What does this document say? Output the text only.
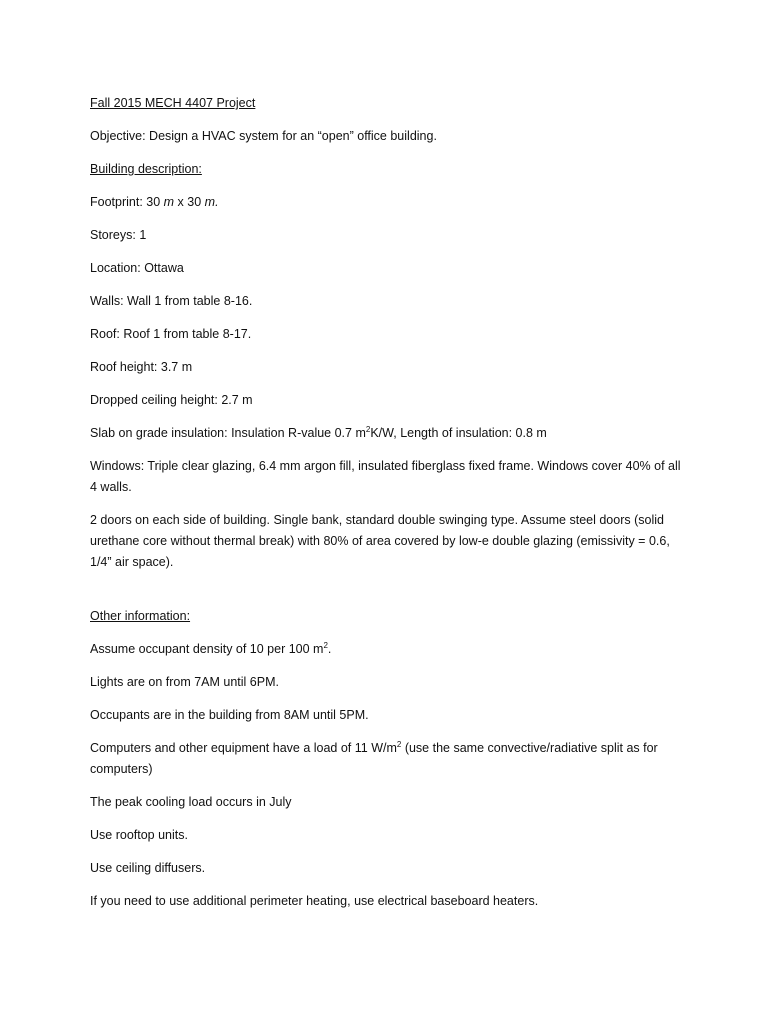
Fall 2015 MECH 4407 Project

Objective: Design a HVAC system for an “open” office building.

Building description:

Footprint: 30 m x 30 m.

Storeys: 1

Location: Ottawa

Walls: Wall 1 from table 8-16.

Roof: Roof 1 from table 8-17.

Roof height: 3.7 m

Dropped ceiling height: 2.7 m

Slab on grade insulation: Insulation R-value 0.7 $m^2K/W$, Length of insulation: 0.8 m

Windows: Triple clear glazing, 6.4 mm argon fill, insulated fiberglass fixed frame. Windows cover 40% of all 4 walls.

2 doors on each side of building. Single bank, standard double swinging type. Assume steel doors (solid urethane core without thermal break) with 80% of area covered by low-e double glazing (emissivity = 0.6, 1/4” air space).

Other information:

Assume occupant density of 10 per 100 $m^2$.

Lights are on from 7AM until 6PM.

Occupants are in the building from 8AM until 5PM.

Computers and other equipment have a load of 11 $W/m^2$ (use the same convective/radiative split as for computers)

The peak cooling load occurs in July

Use rooftop units.

Use ceiling diffusers.

If you need to use additional perimeter heating, use electrical baseboard heaters.
